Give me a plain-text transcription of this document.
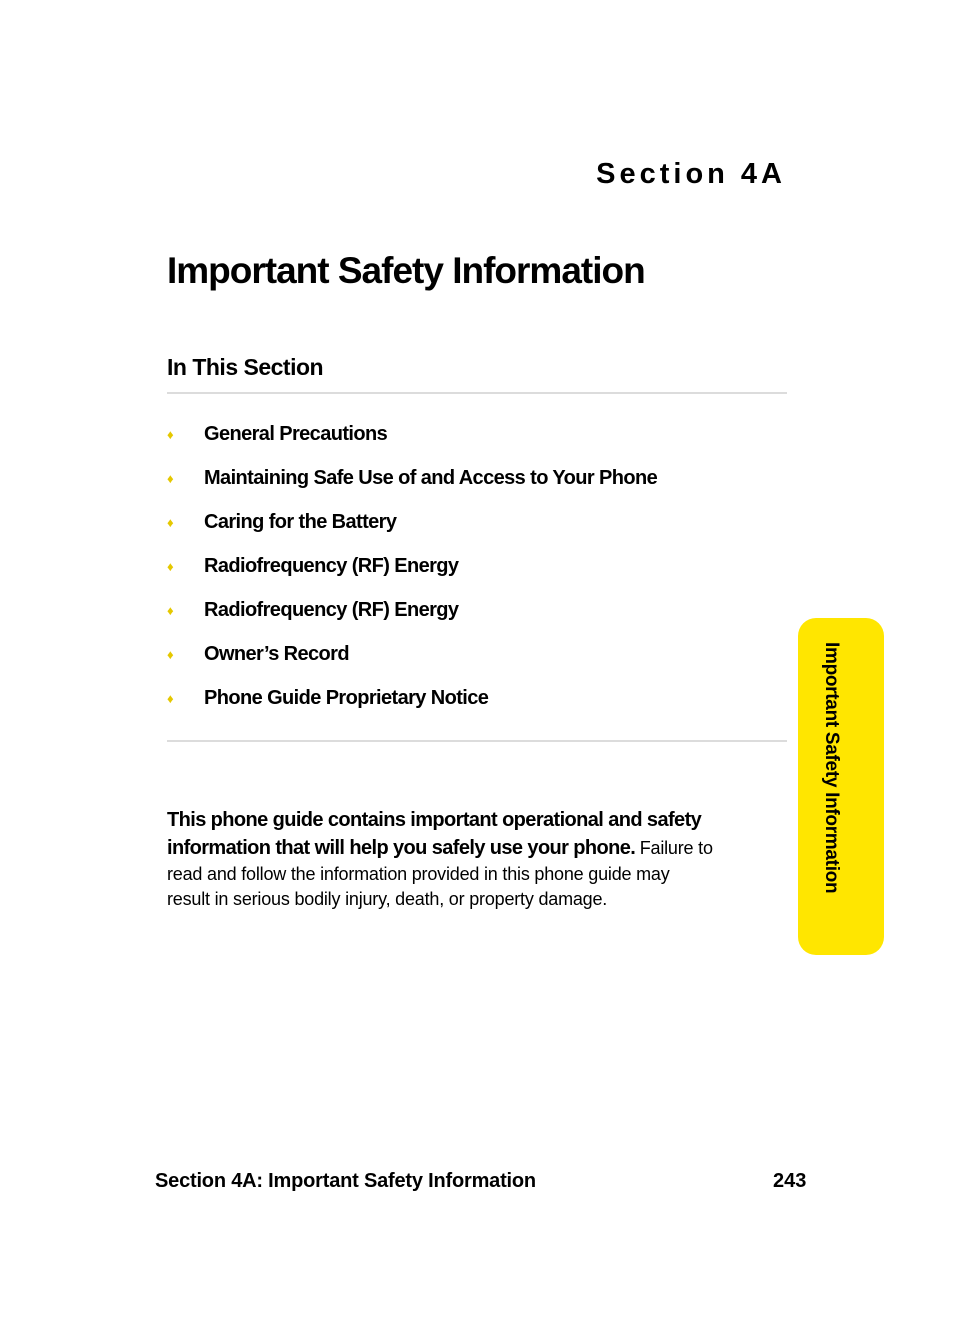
Section 4A
Important Safety Information
In This Section
♦	General Precautions
♦	Maintaining Safe Use of and Access to Your Phone
♦	Caring for the Battery
♦	Radiofrequency (RF) Energy
♦	Radiofrequency (RF) Energy
♦	Owner’s Record
♦	Phone Guide Proprietary Notice

This phone guide contains important operational and safety
information that will help you safely use your phone. Failure to
read and follow the information provided in this phone guide may
result in serious bodily injury, death, or property damage.

Important Safety Information
Section 4A: Important Safety Information	243
